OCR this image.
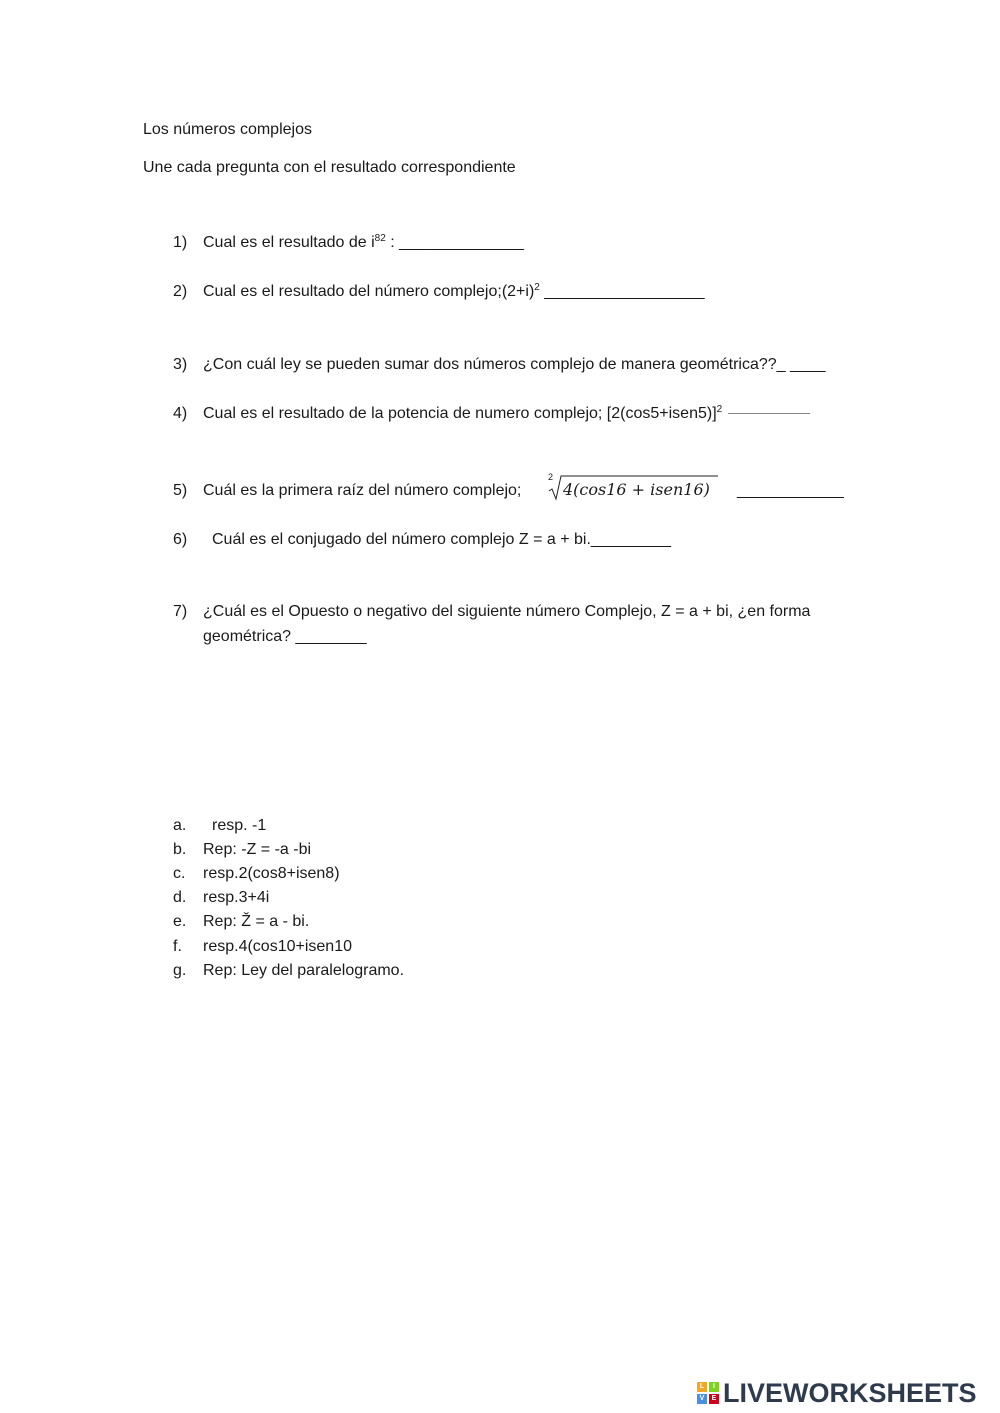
Los números complejos
Une cada pregunta con el resultado correspondiente
1) Cual es el resultado de $i^{82}$ : ______________
2) Cual es el resultado del número $complejo;(2+i)^2$ __________________
3) ¿Con cuál ley se pueden sumar dos números complejo de manera geométrica??_ ____
4) Cual es el resultado de la potencia de numero complejo; [2(cos5+isen5)]$^2$
5) Cuál es la primera raíz del número complejo;
2
4(cos16 + isen16) ____________
6) Cuál es el conjugado del número complejo Z = a + bi._________
7) ¿Cuál es el Opuesto o negativo del siguiente número Complejo, Z = a + bi, ¿en forma
geométrica? ________
a. resp. -1
b. Rep: -Z = -a -bi
c. resp.2(cos8+isen8)
d. resp.3+4i
e. Rep: Ž = a - bi.
f. resp.4(cos10+isen10
g. Rep: Ley del paralelogramo.
L	I
V	E LIVEWORKSHEETS
